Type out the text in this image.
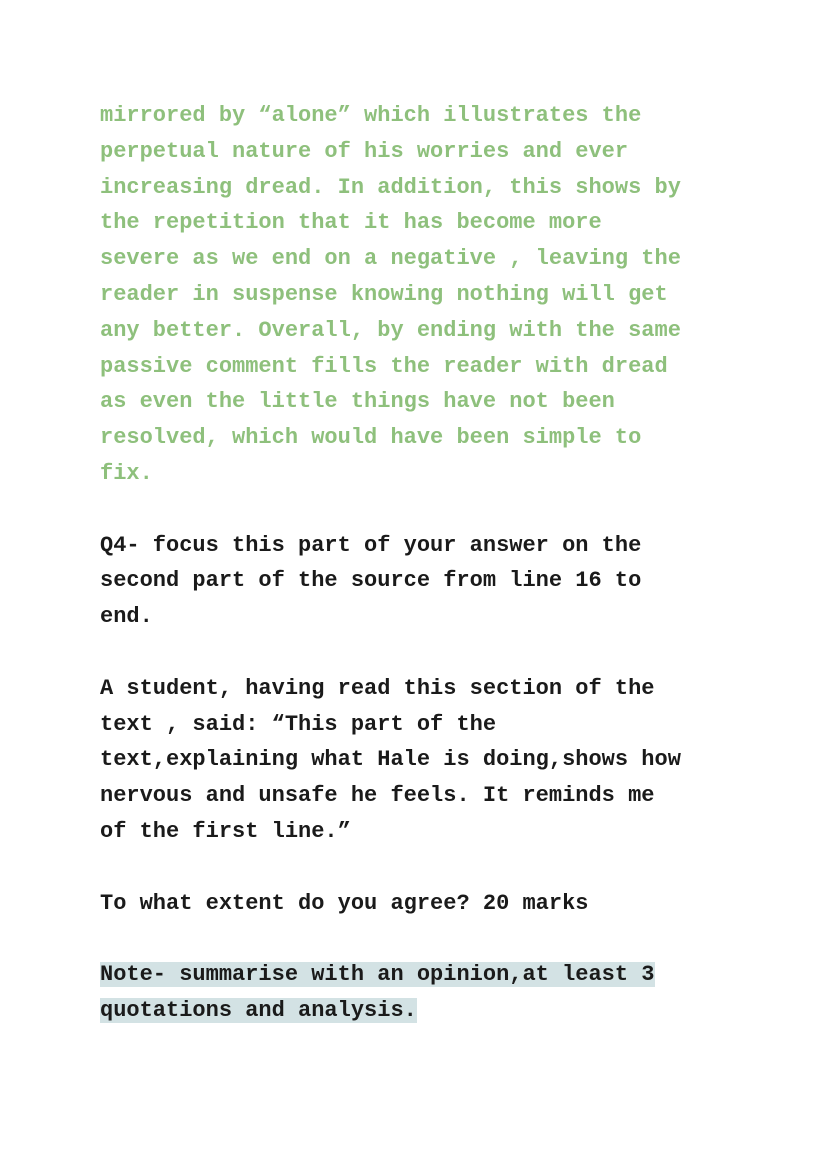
mirrored by “alone” which illustrates the
perpetual nature of his worries and ever
increasing dread. In addition, this shows by
the repetition that it has become more
severe as we end on a negative , leaving the
reader in suspense knowing nothing will get
any better. Overall, by ending with the same
passive comment fills the reader with dread
as even the little things have not been
resolved, which would have been simple to
fix.
Q4- focus this part of your answer on the
second part of the source from line 16 to
end.
A student, having read this section of the
text , said: “This part of the
text,explaining what Hale is doing,shows how
nervous and unsafe he feels. It reminds me
of the first line.”
To what extent do you agree? 20 marks
Note- summarise with an opinion,at least 3
quotations and analysis.
